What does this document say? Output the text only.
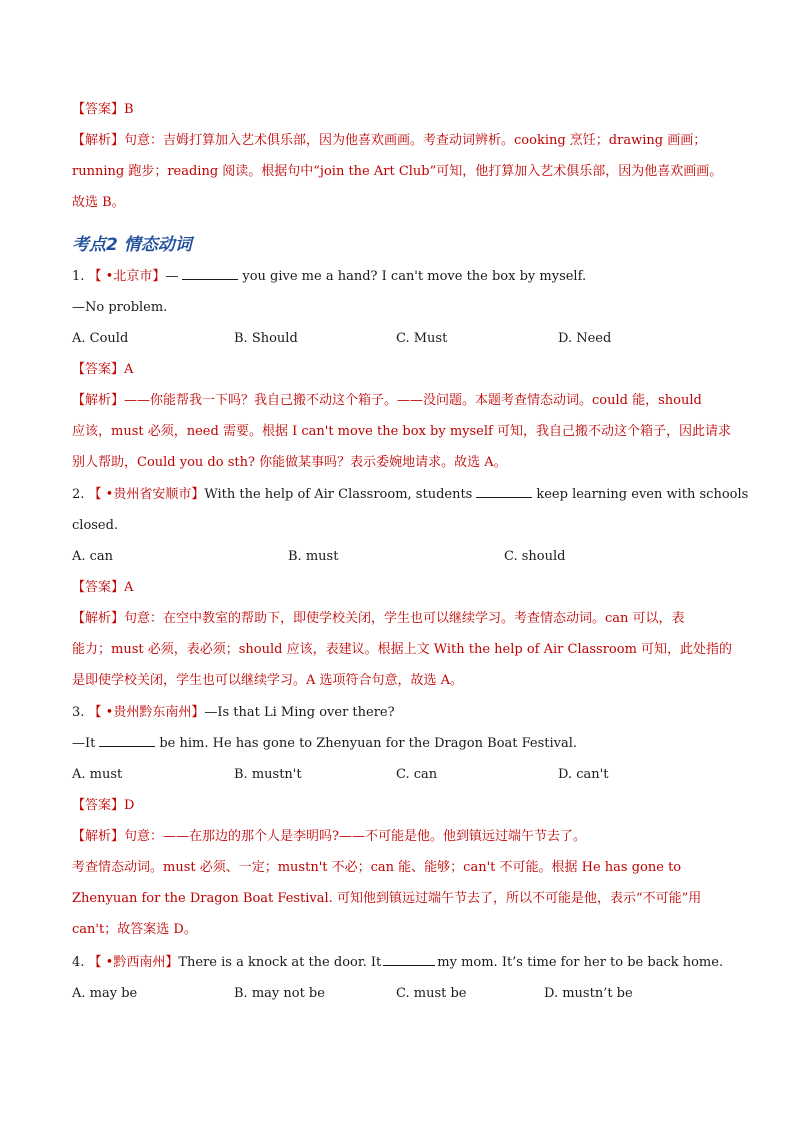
【答案】B
【解析】句意：吉姆打算加入艺术俱乐部，因为他喜欢画画。考查动词辨析。cooking 烹饪；drawing 画画；
running 跑步；reading 阅读。根据句中“join the Art Club”可知，他打算加入艺术俱乐部，因为他喜欢画画。
故选 B。
考点2 情态动词
1. 【 •北京市】—	you give me a hand? I can't move the box by myself.
—No problem.
A. Could	B. Should	C. Must	D. Need
【答案】A
【解析】——你能帮我一下吗？我自己搬不动这个箱子。——没问题。本题考查情态动词。could 能，should
应该，must 必须，need 需要。根据 I can't move the box by myself 可知，我自己搬不动这个箱子，因此请求
别人帮助，Could you do sth? 你能做某事吗？表示委婉地请求。故选 A。
2. 【 •贵州省安顺市】With the help of Air Classroom, students	keep learning even with schools
closed.
A. can	B. must	C. should
【答案】A
【解析】句意：在空中教室的帮助下，即使学校关闭，学生也可以继续学习。考查情态动词。can 可以，表
能力；must 必须，表必须；should 应该，表建议。根据上文 With the help of Air Classroom 可知，此处指的
是即使学校关闭，学生也可以继续学习。A 选项符合句意，故选 A。
3. 【 •贵州黔东南州】—Is that Li Ming over there?
—It	be him. He has gone to Zhenyuan for the Dragon Boat Festival.
A. must	B. mustn't	C. can	D. can't
【答案】D
【解析】句意：——在那边的那个人是李明吗?——不可能是他。他到镇远过端午节去了。
考查情态动词。must 必须、一定；mustn't 不必；can 能、能够；can't 不可能。根据 He has gone to
Zhenyuan for the Dragon Boat Festival. 可知他到镇远过端午节去了，所以不可能是他，表示“不可能”用
can't；故答案选 D。
4. 【 •黔西南州】There is a knock at the door. It	my mom. It’s time for her to be back home.
A. may be	B. may not be	C. must be	D. mustn’t be
